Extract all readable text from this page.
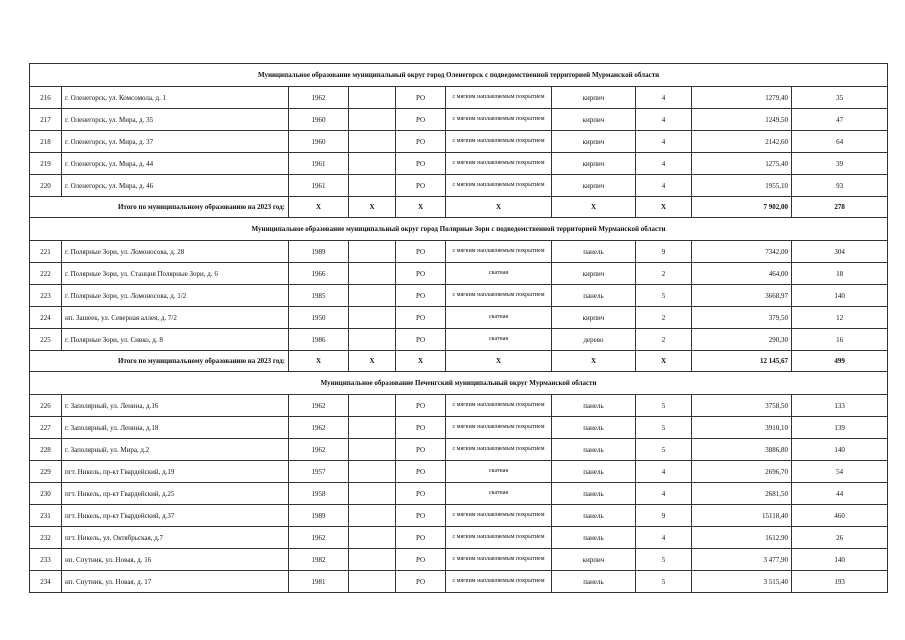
Муниципальное образование муниципальный округ город Оленегорск с подведомственной территорией Мурманской области									
216	г. Оленегорск, ул. Комсомола, д. 1	1962		РО	с мягким наплавляемым покрытием	кирпич	4	1279,40	35
217	г. Оленегорск, ул. Мира, д. 35	1960		РО	с мягким наплавляемым покрытием	кирпич	4	1249,50	47
218	г. Оленегорск, ул. Мира, д. 37	1960		РО	с мягким наплавляемым покрытием	кирпич	4	2142,60	64
219	г. Оленегорск, ул. Мира, д. 44	1961		РО	с мягким наплавляемым покрытием	кирпич	4	1275,40	39
220	г. Оленегорск, ул. Мира, д. 46	1961		РО	с мягким наплавляемым покрытием	кирпич	4	1955,10	93
Итого по муниципальному образованию на 2023 год:		X	X	X	X	X	X	7 902,00	278
Муниципальное образование муниципальный округ город Полярные Зори с подведомственной территорией Мурманской области									
221	г. Полярные Зори, ул. Ломоносова, д. 28	1989		РО	с мягким наплавляемым покрытием	панель	9	7342,00	304
222	г. Полярные Зори, ул. Станция Полярные Зори, д. 6	1966		РО	скатная	кирпич	2	464,00	18
223	г. Полярные Зори, ул. Ломоносова, д. 1/2	1985		РО	с мягким наплавляемым покрытием	панель	5	3668,97	140
224	нп. Зашеек, ул. Северная аллея, д. 7/2	1950		РО	скатная	кирпич	2	379,50	12
225	г. Полярные Зори, ул. Сивко, д. 8	1986		РО	скатная	дерево	2	290,30	16
Итого по муниципальному образованию на 2023 год:		X	X	X	X	X	X	12 145,67	499
Муниципальное образование Печенгский муниципальный округ Мурманской области									
226	г. Заполярный, ул. Ленина, д.16	1962		РО	с мягким наплавляемым покрытием	панель	5	3758,50	133
227	г. Заполярный, ул. Ленина, д.18	1962		РО	с мягким наплавляемым покрытием	панель	5	3910,10	139
228	г. Заполярный, ул. Мира, д.2	1962		РО	с мягким наплавляемым покрытием	панель	5	3886,80	140
229	пгт. Никель, пр-кт Гвардейский, д.19	1957		РО	скатная	панель	4	2696,70	54
230	пгт. Никель, пр-кт Гвардейский, д.25	1958		РО	скатная	панель	4	2681,50	44
231	пгт. Никель, пр-кт Гвардейский, д.37	1989		РО	с мягким наплавляемым покрытием	панель	9	15118,40	460
232	пгт. Никель, ул. Октябрьская, д.7	1962		РО	с мягким наплавляемым покрытием	панель	4	1612,90	26
233	нп. Спутник, ул. Новая, д. 16	1982		РО	с мягким наплавляемым покрытием	кирпич	5	3 477,90	140
234	нп. Спутник, ул. Новая, д. 17	1981		РО	с мягким наплавляемым покрытием	панель	5	3 515,40	193
